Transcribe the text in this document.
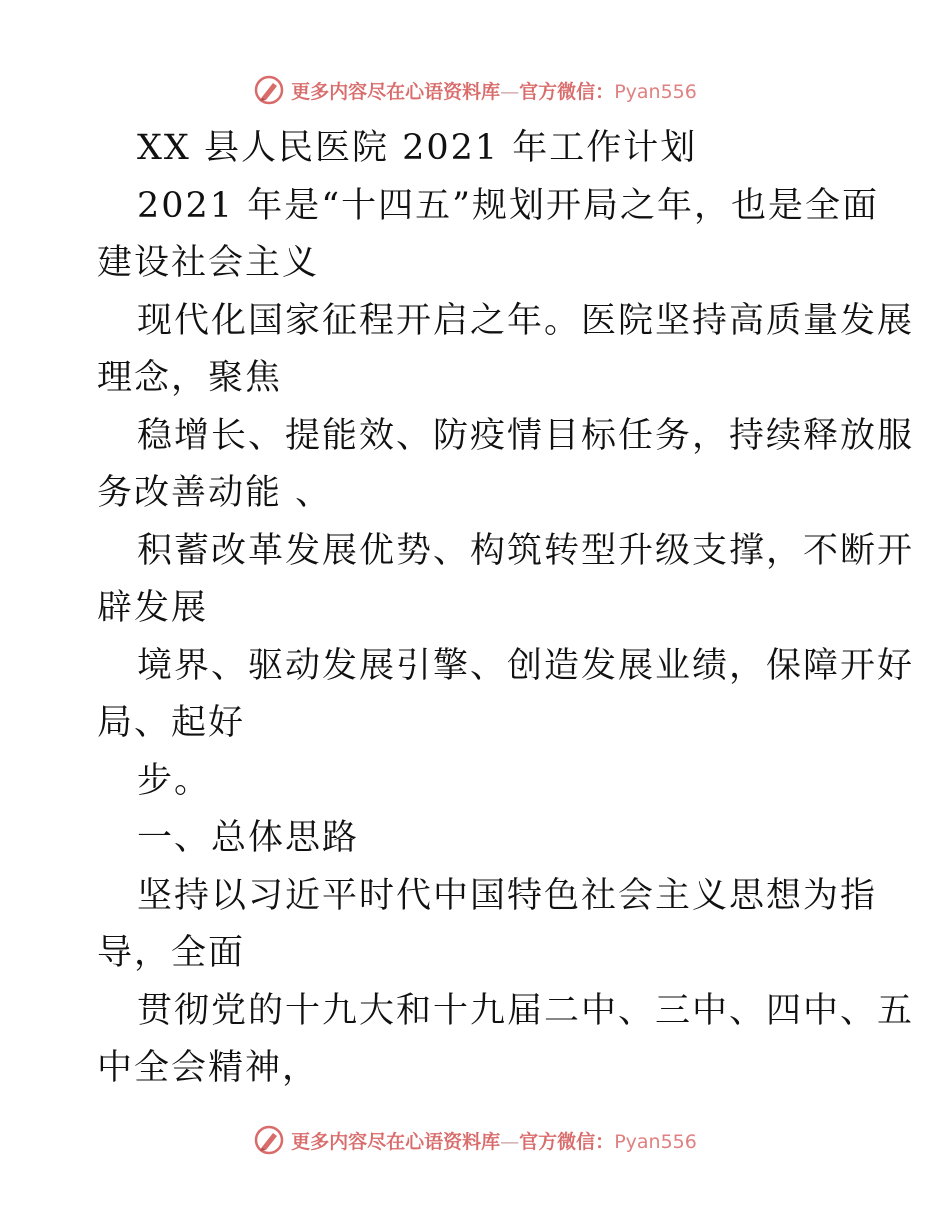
更多内容尽在心语资料库—官方微信：Pyan556
XX 县人民医院 2021 年工作计划
2021 年是“十四五”规划开局之年，也是全面
建设社会主义
现代化国家征程开启之年。医院坚持高质量发展
理念，聚焦
稳增长、提能效、防疫情目标任务，持续释放服
务改善动能 、
积蓄改革发展优势、构筑转型升级支撑，不断开
辟发展
境界、驱动发展引擎、创造发展业绩，保障开好
局、起好
步。
一、总体思路
坚持以习近平时代中国特色社会主义思想为指
导，全面
贯彻党的十九大和十九届二中、三中、四中、五
中全会精神，
更多内容尽在心语资料库—官方微信：Pyan556
